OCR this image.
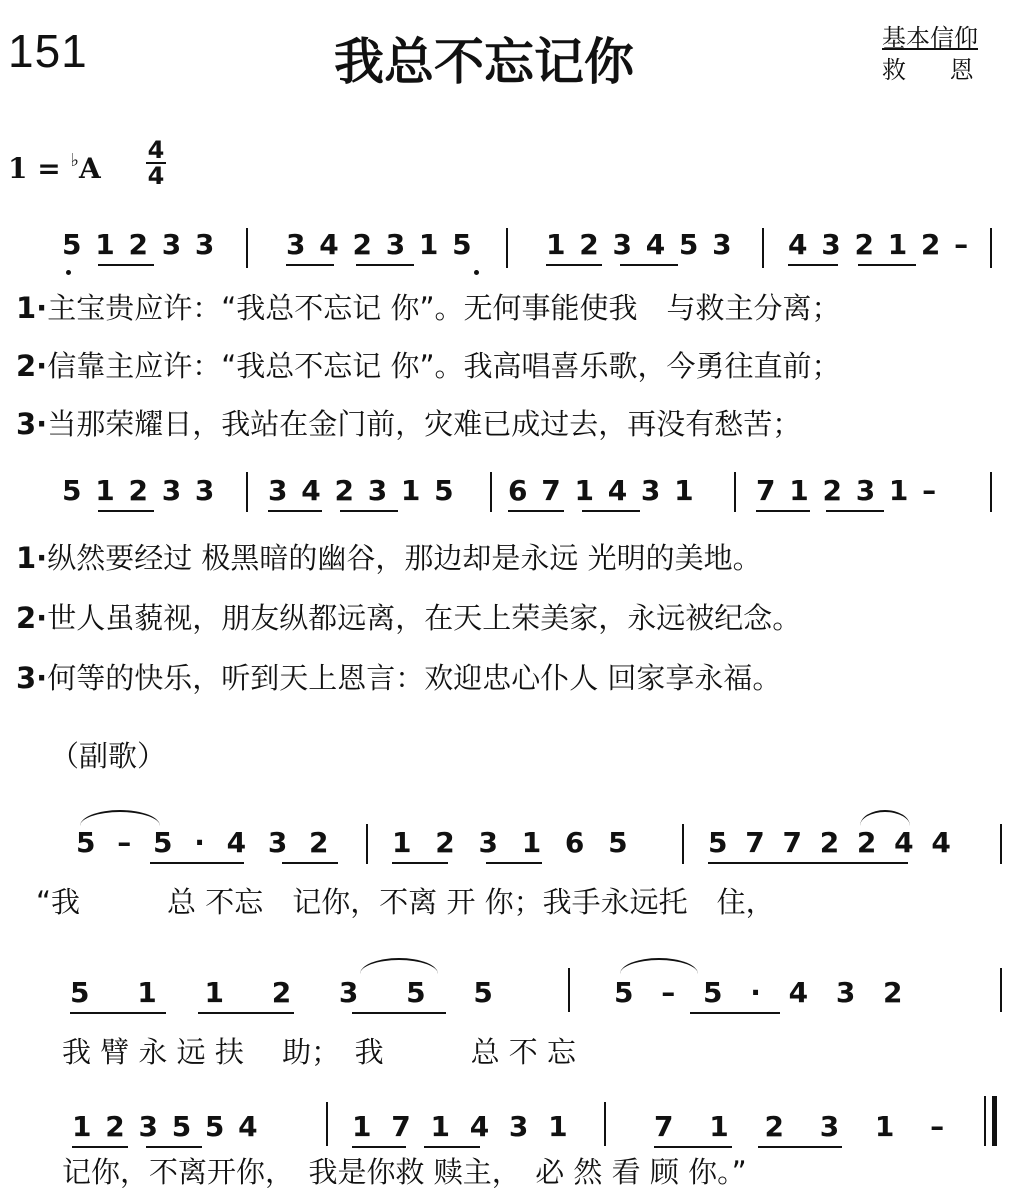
151	我总不忘记你	基本信仰
救 恩
1 = ♭A
4
4
5 1 2 3 3 3 4 2 3 1 5	1 2 3 4 5 3 4 3 2 1 2 –
1·主宝贵应许：“我总不忘记 你”。无何事能使我　与救主分离；
2·信靠主应许：“我总不忘记 你”。我高唱喜乐歌，今勇往直前；
3·当那荣耀日，我站在金门前，灾难已成过去，再没有愁苦；
5 1 2 3 3 3 4 2 3 1 5 6 7 1 4 3 1 7 1 2 3 1 –
1·纵然要经过 极黑暗的幽谷，那边却是永远 光明的美地。
2·世人虽藐视，朋友纵都远离，在天上荣美家，永远被纪念。
3·何等的快乐，听到天上恩言：欢迎忠心仆人 回家享永福。
（副歌）
5 – 5 · 4 3 2 1 2 3 1 6 5	5 7 7 2 2 4 4
“我　　　总 不忘　记你，不离 开 你；我手永远托　住，
5 1 1 2 3 5 5	5 – 5 · 4 3 2
我 臂 永 远 扶　 助；　我　　　总 不 忘
1 2 3 5 5 4	1 7 1 4 3 1	7 1 2 3 1 –
记你，不离开你，　我是你救 赎主，　必 然 看 顾 你。”
